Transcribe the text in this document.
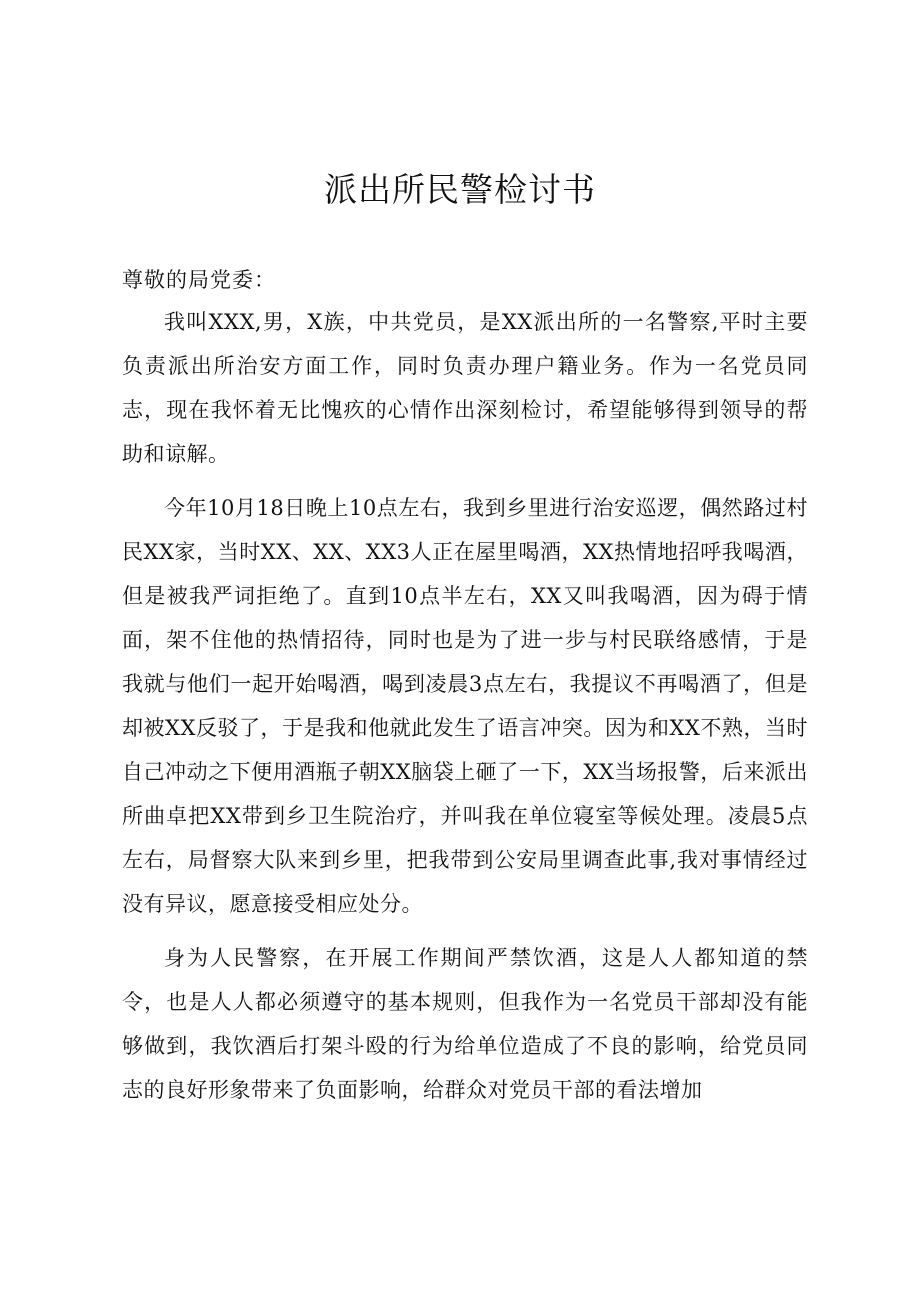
派出所民警检讨书

尊敬的局党委：

我叫XXX,男，X族，中共党员，是XX派出所的一名警察,平时主要负责派出所治安方面工作，同时负责办理户籍业务。作为一名党员同志，现在我怀着无比愧疚的心情作出深刻检讨，希望能够得到领导的帮助和谅解。

今年10月18日晚上10点左右，我到乡里进行治安巡逻，偶然路过村民XX家，当时XX、XX、XX3人正在屋里喝酒，XX热情地招呼我喝酒，但是被我严词拒绝了。直到10点半左右，XX又叫我喝酒，因为碍于情面，架不住他的热情招待，同时也是为了进一步与村民联络感情，于是我就与他们一起开始喝酒，喝到凌晨3点左右，我提议不再喝酒了，但是却被XX反驳了，于是我和他就此发生了语言冲突。因为和XX不熟，当时自己冲动之下便用酒瓶子朝XX脑袋上砸了一下，XX当场报警，后来派出所曲卓把XX带到乡卫生院治疗，并叫我在单位寝室等候处理。凌晨5点左右，局督察大队来到乡里，把我带到公安局里调查此事,我对事情经过没有异议，愿意接受相应处分。

身为人民警察，在开展工作期间严禁饮酒，这是人人都知道的禁令，也是人人都必须遵守的基本规则，但我作为一名党员干部却没有能够做到，我饮酒后打架斗殴的行为给单位造成了不良的影响，给党员同志的良好形象带来了负面影响，给群众对党员干部的看法增加
